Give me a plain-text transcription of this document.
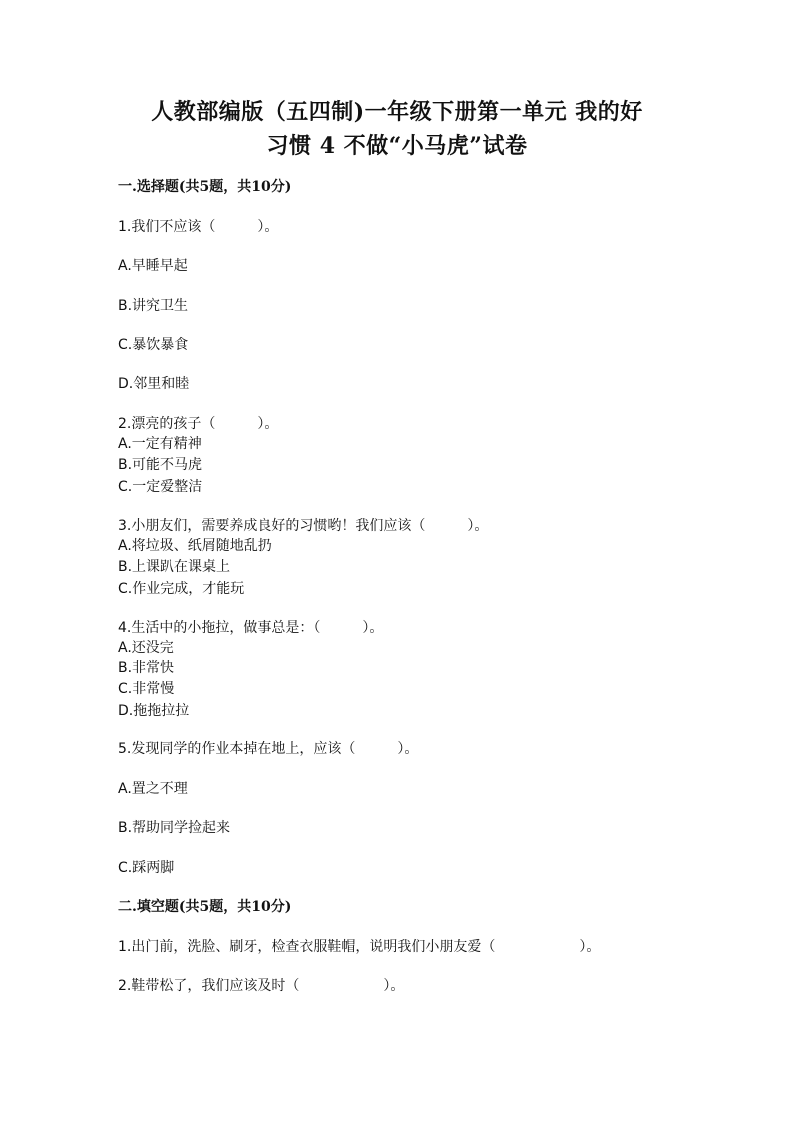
人教部编版（五四制)一年级下册第一单元 我的好
习惯 4 不做“小马虎”试卷
一.选择题(共5题，共10分)
1.我们不应该（　　　）。
A.早睡早起
B.讲究卫生
C.暴饮暴食
D.邻里和睦
2.漂亮的孩子（　　　）。
A.一定有精神
B.可能不马虎
C.一定爱整洁
3.小朋友们，需要养成良好的习惯哟！我们应该（　　　）。
A.将垃圾、纸屑随地乱扔
B.上课趴在课桌上
C.作业完成，才能玩
4.生活中的小拖拉，做事总是：（　　　）。
A.还没完
B.非常快
C.非常慢
D.拖拖拉拉
5.发现同学的作业本掉在地上，应该（　　　）。
A.置之不理
B.帮助同学捡起来
C.踩两脚
二.填空题(共5题，共10分)
1.出门前，洗脸、刷牙，检查衣服鞋帽，说明我们小朋友爱（　　　　　　）。
2.鞋带松了，我们应该及时（　　　　　　）。
